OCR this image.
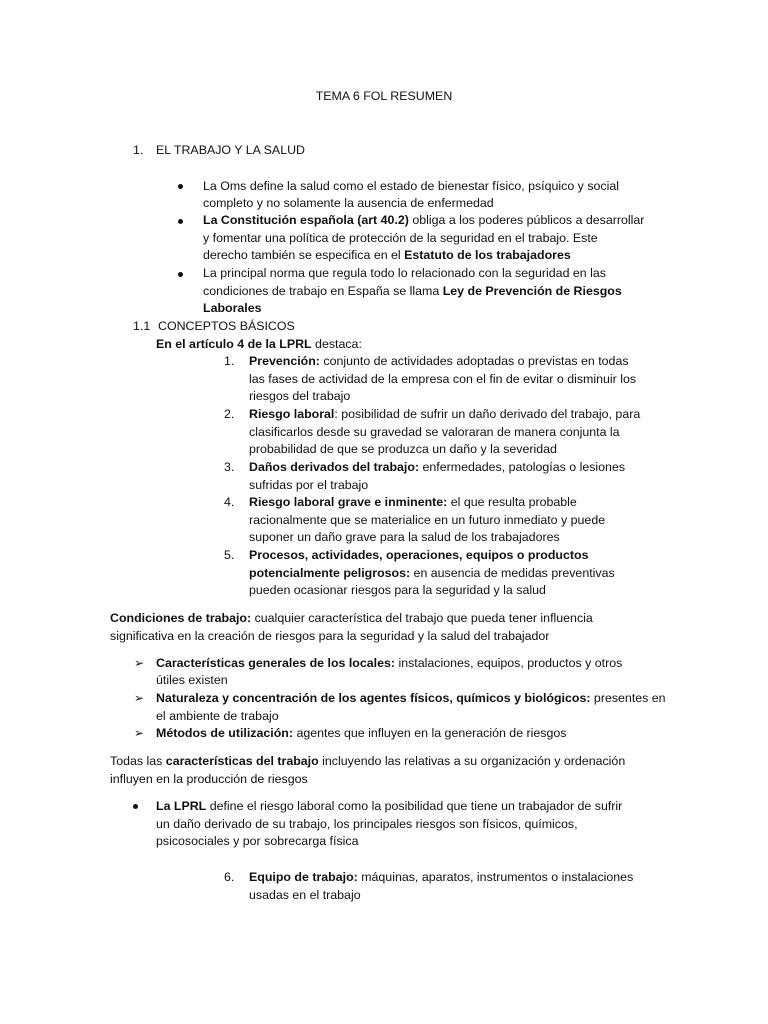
TEMA 6 FOL RESUMEN
1. EL TRABAJO Y LA SALUD
La Oms define la salud como el estado de bienestar físico, psíquico y social
completo y no solamente la ausencia de enfermedad
La Constitución española (art 40.2) obliga a los poderes públicos a desarrollar
y fomentar una política de protección de la seguridad en el trabajo. Este
derecho también se especifica en el Estatuto de los trabajadores
La principal norma que regula todo lo relacionado con la seguridad en las
condiciones de trabajo en España se llama Ley de Prevención de Riesgos
Laborales
1.1 CONCEPTOS BÁSICOS
En el artículo 4 de la LPRL destaca:
1. Prevención: conjunto de actividades adoptadas o previstas en todas
las fases de actividad de la empresa con el fin de evitar o disminuir los
riesgos del trabajo
2. Riesgo laboral: posibilidad de sufrir un daño derivado del trabajo, para
clasificarlos desde su gravedad se valoraran de manera conjunta la
probabilidad de que se produzca un daño y la severidad
3. Daños derivados del trabajo: enfermedades, patologías o lesiones
sufridas por el trabajo
4. Riesgo laboral grave e inminente: el que resulta probable
racionalmente que se materialice en un futuro inmediato y puede
suponer un daño grave para la salud de los trabajadores
5. Procesos, actividades, operaciones, equipos o productos
potencialmente peligrosos: en ausencia de medidas preventivas
pueden ocasionar riesgos para la seguridad y la salud
Condiciones de trabajo: cualquier característica del trabajo que pueda tener influencia
significativa en la creación de riesgos para la seguridad y la salud del trabajador
➢ Características generales de los locales: instalaciones, equipos, productos y otros
útiles existen
➢ Naturaleza y concentración de los agentes físicos, químicos y biológicos: presentes en
el ambiente de trabajo
➢ Métodos de utilización: agentes que influyen en la generación de riesgos
Todas las características del trabajo incluyendo las relativas a su organización y ordenación
influyen en la producción de riesgos
La LPRL define el riesgo laboral como la posibilidad que tiene un trabajador de sufrir
un daño derivado de su trabajo, los principales riesgos son físicos, químicos,
psicosociales y por sobrecarga física
6. Equipo de trabajo: máquinas, aparatos, instrumentos o instalaciones
usadas en el trabajo
